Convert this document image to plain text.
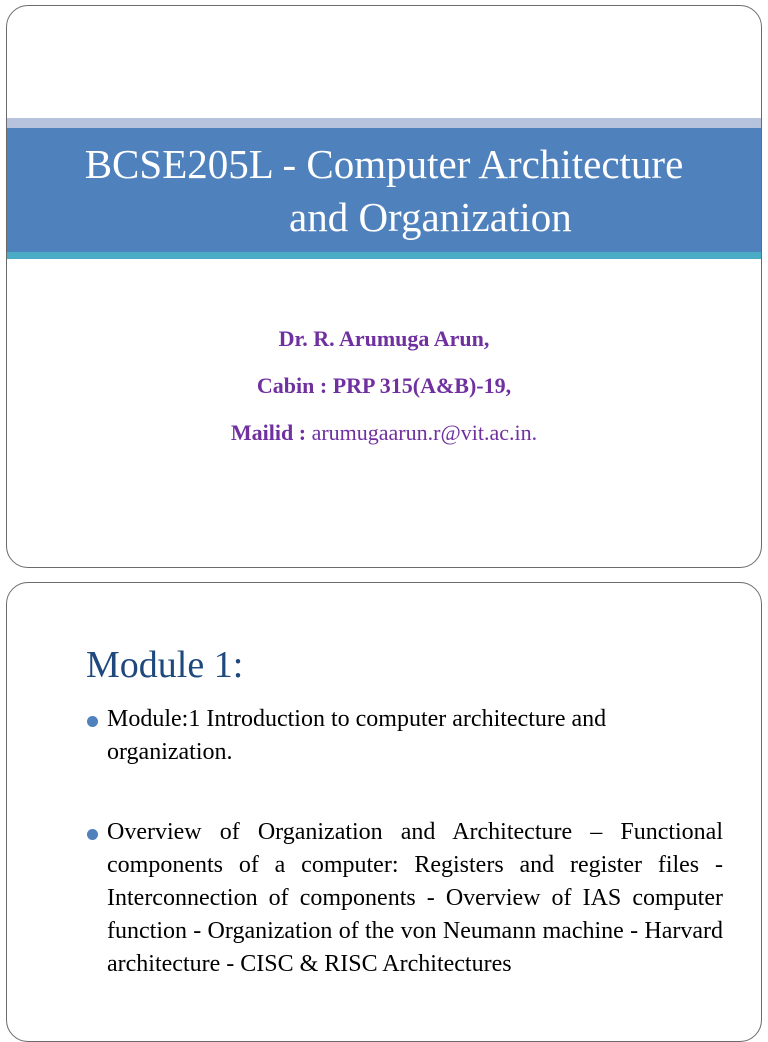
BCSE205L - Computer Architecture
and Organization
Dr. R. Arumuga Arun,
Cabin : PRP 315(A&B)-19,
Mailid : arumugaarun.r@vit.ac.in.
Module 1:
Module:1 Introduction to computer architecture and organization.
Overview of Organization and Architecture – Functional components of a computer: Registers and register files - Interconnection of components - Overview of IAS computer function - Organization of the von Neumann machine - Harvard architecture - CISC & RISC Architectures
